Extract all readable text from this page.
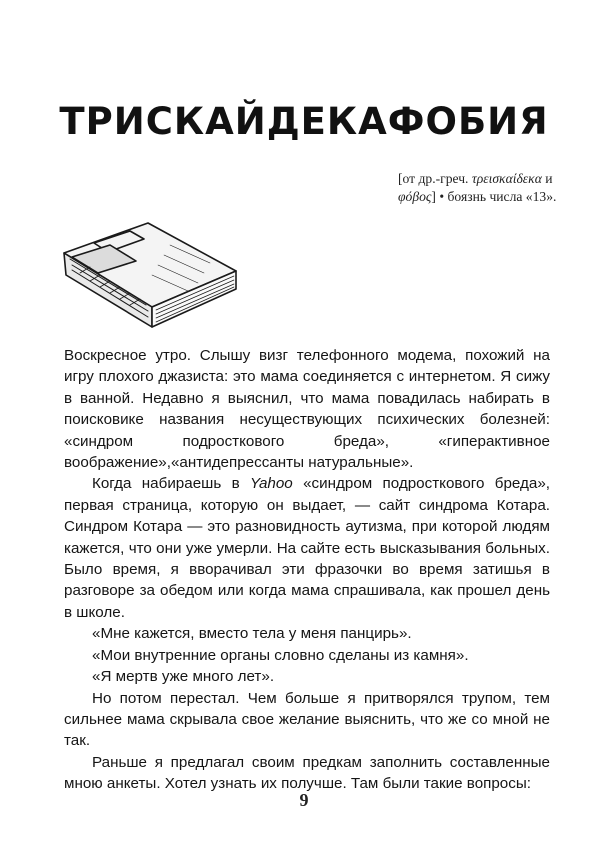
ТРИСКАЙДЕКАФОБИЯ
[от др.-греч. τρεισκαίδεκα и φόβος] • боязнь числа «13».

Воскресное утро. Слышу визг телефонного модема, похожий на игру плохого джазиста: это мама соединяется с интернетом. Я сижу в ванной. Недавно я выяснил, что мама повадилась набирать в поисковике названия несуществующих психических болезней: «синдром подросткового бреда», «гиперактивное воображение»,«антидепрессанты натуральные».

Когда набираешь в Yahoo «синдром подросткового бреда», первая страница, которую он выдает, — сайт синдрома Котара. Синдром Котара — это разновидность аутизма, при которой людям кажется, что они уже умерли. На сайте есть высказывания больных. Было время, я вворачивал эти фразочки во время затишья в разговоре за обедом или когда мама спрашивала, как прошел день в школе.

«Мне кажется, вместо тела у меня панцирь».

«Мои внутренние органы словно сделаны из камня».

«Я мертв уже много лет».

Но потом перестал. Чем больше я притворялся трупом, тем сильнее мама скрывала свое желание выяснить, что же со мной не так.

Раньше я предлагал своим предкам заполнить составленные мною анкеты. Хотел узнать их получше. Там были такие вопросы:

9
